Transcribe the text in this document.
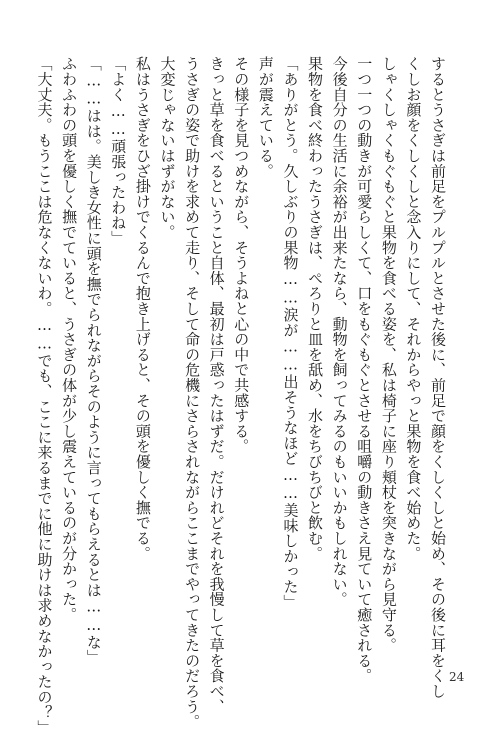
するとうさぎは前足をプルプルとさせた後に、前足で顔をくしくしと始め、その後に耳をくし

くしお顔をくしくしと念入りにして、それからやっと果物を食べ始めた。

しゃくしゃくもぐもぐと果物を食べる姿を、私は椅子に座り頬杖を突きながら見守る。

一つ一つの動きが可愛らしくて、口をもぐもぐとさせる咀嚼の動きさえ見ていて癒される。

今後自分の生活に余裕が出来たなら、動物を飼ってみるのもいいかもしれない。

果物を食べ終わったうさぎは、ぺろりと皿を舐め、水をちびちびと飲む。

「ありがとう。久しぶりの果物……涙が……出そうなほど……美味しかった」

声が震えている。

その様子を見つめながら、そうよねと心の中で共感する。

きっと草を食べるということ自体、最初は戸惑ったはずだ。だけれどそれを我慢して草を食べ、

うさぎの姿で助けを求めて走り、そして命の危機にさらされながらここまでやってきたのだろう。

大変じゃないはずがない。

私はうさぎをひざ掛けでくるんで抱き上げると、その頭を優しく撫でる。

「よく……頑張ったわね」

「……はは。美しき女性に頭を撫でられながらそのように言ってもらえるとは……な」

ふわふわの頭を優しく撫でていると、うさぎの体が少し震えているのが分かった。

「大丈夫。もうここは危なくないわ。……でも、ここに来るまでに他に助けは求めなかったの？」	24
